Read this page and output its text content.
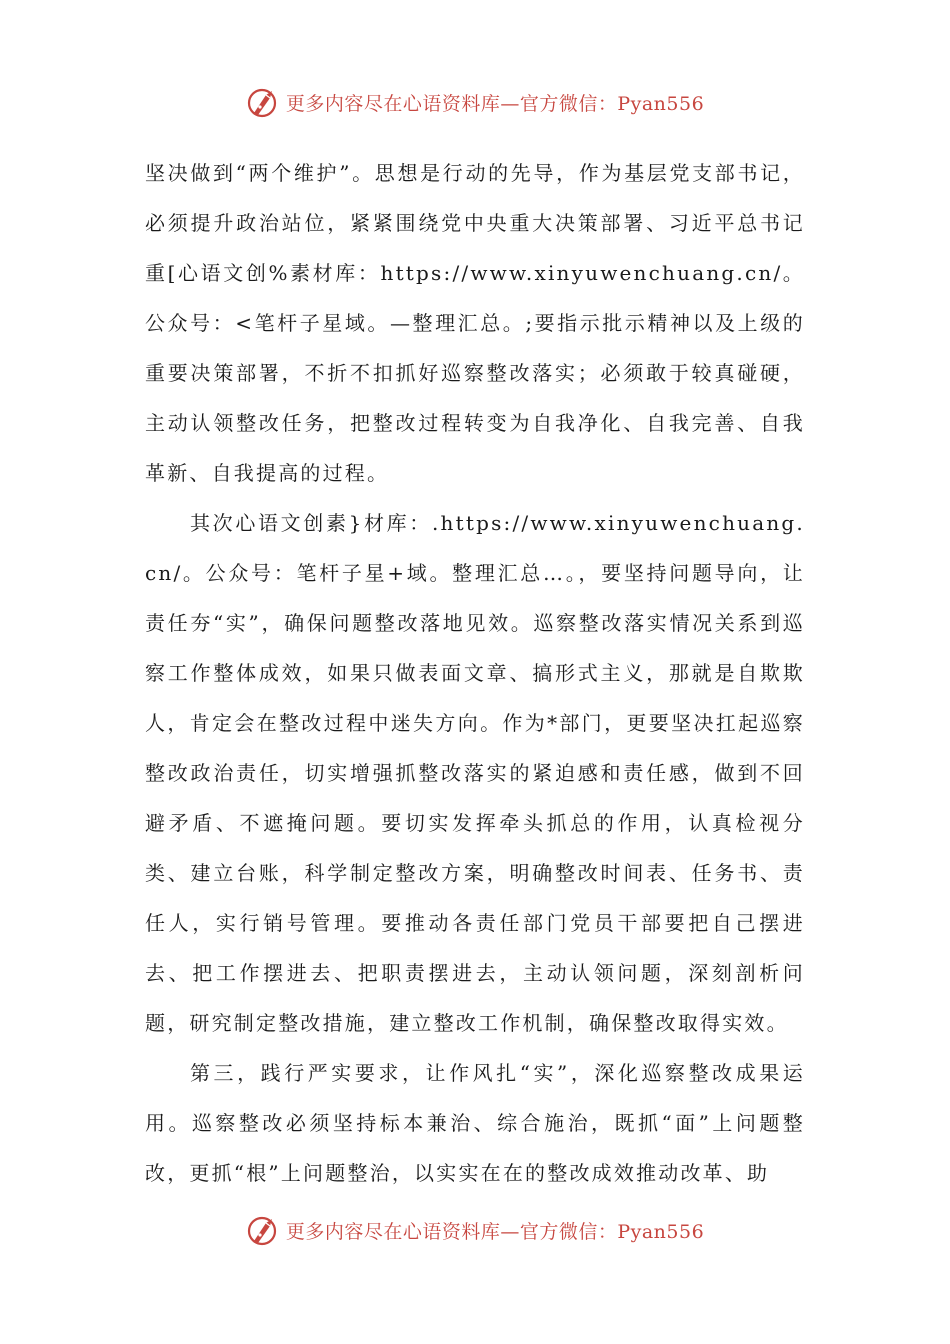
更多内容尽在心语资料库—官方微信：Pyan556

坚决做到“两个维护”。思想是行动的先导，作为基层党支部书记，必须提升政治站位，紧紧围绕党中央重大决策部署、习近平总书记重[心语文创%素材库：https://www.xinyuwenchuang.cn/。公众号：<笔杆子星域。—整理汇总。;要指示批示精神以及上级的重要决策部署，不折不扣抓好巡察整改落实；必须敢于较真碰硬，主动认领整改任务，把整改过程转变为自我净化、自我完善、自我革新、自我提高的过程。

其次心语文创素}材库：.https://www.xinyuwenchuang.cn/。公众号：笔杆子星+域。整理汇总…。，要坚持问题导向，让责任夯“实”，确保问题整改落地见效。巡察整改落实情况关系到巡察工作整体成效，如果只做表面文章、搞形式主义，那就是自欺欺人，肯定会在整改过程中迷失方向。作为*部门，更要坚决扛起巡察整改政治责任，切实增强抓整改落实的紧迫感和责任感，做到不回避矛盾、不遮掩问题。要切实发挥牵头抓总的作用，认真检视分类、建立台账，科学制定整改方案，明确整改时间表、任务书、责任人，实行销号管理。要推动各责任部门党员干部要把自己摆进去、把工作摆进去、把职责摆进去，主动认领问题，深刻剖析问题，研究制定整改措施，建立整改工作机制，确保整改取得实效。

第三，践行严实要求，让作风扎“实”，深化巡察整改成果运用。巡察整改必须坚持标本兼治、综合施治，既抓“面”上问题整改，更抓“根”上问题整治，以实实在在的整改成效推动改革、助

更多内容尽在心语资料库—官方微信：Pyan556
